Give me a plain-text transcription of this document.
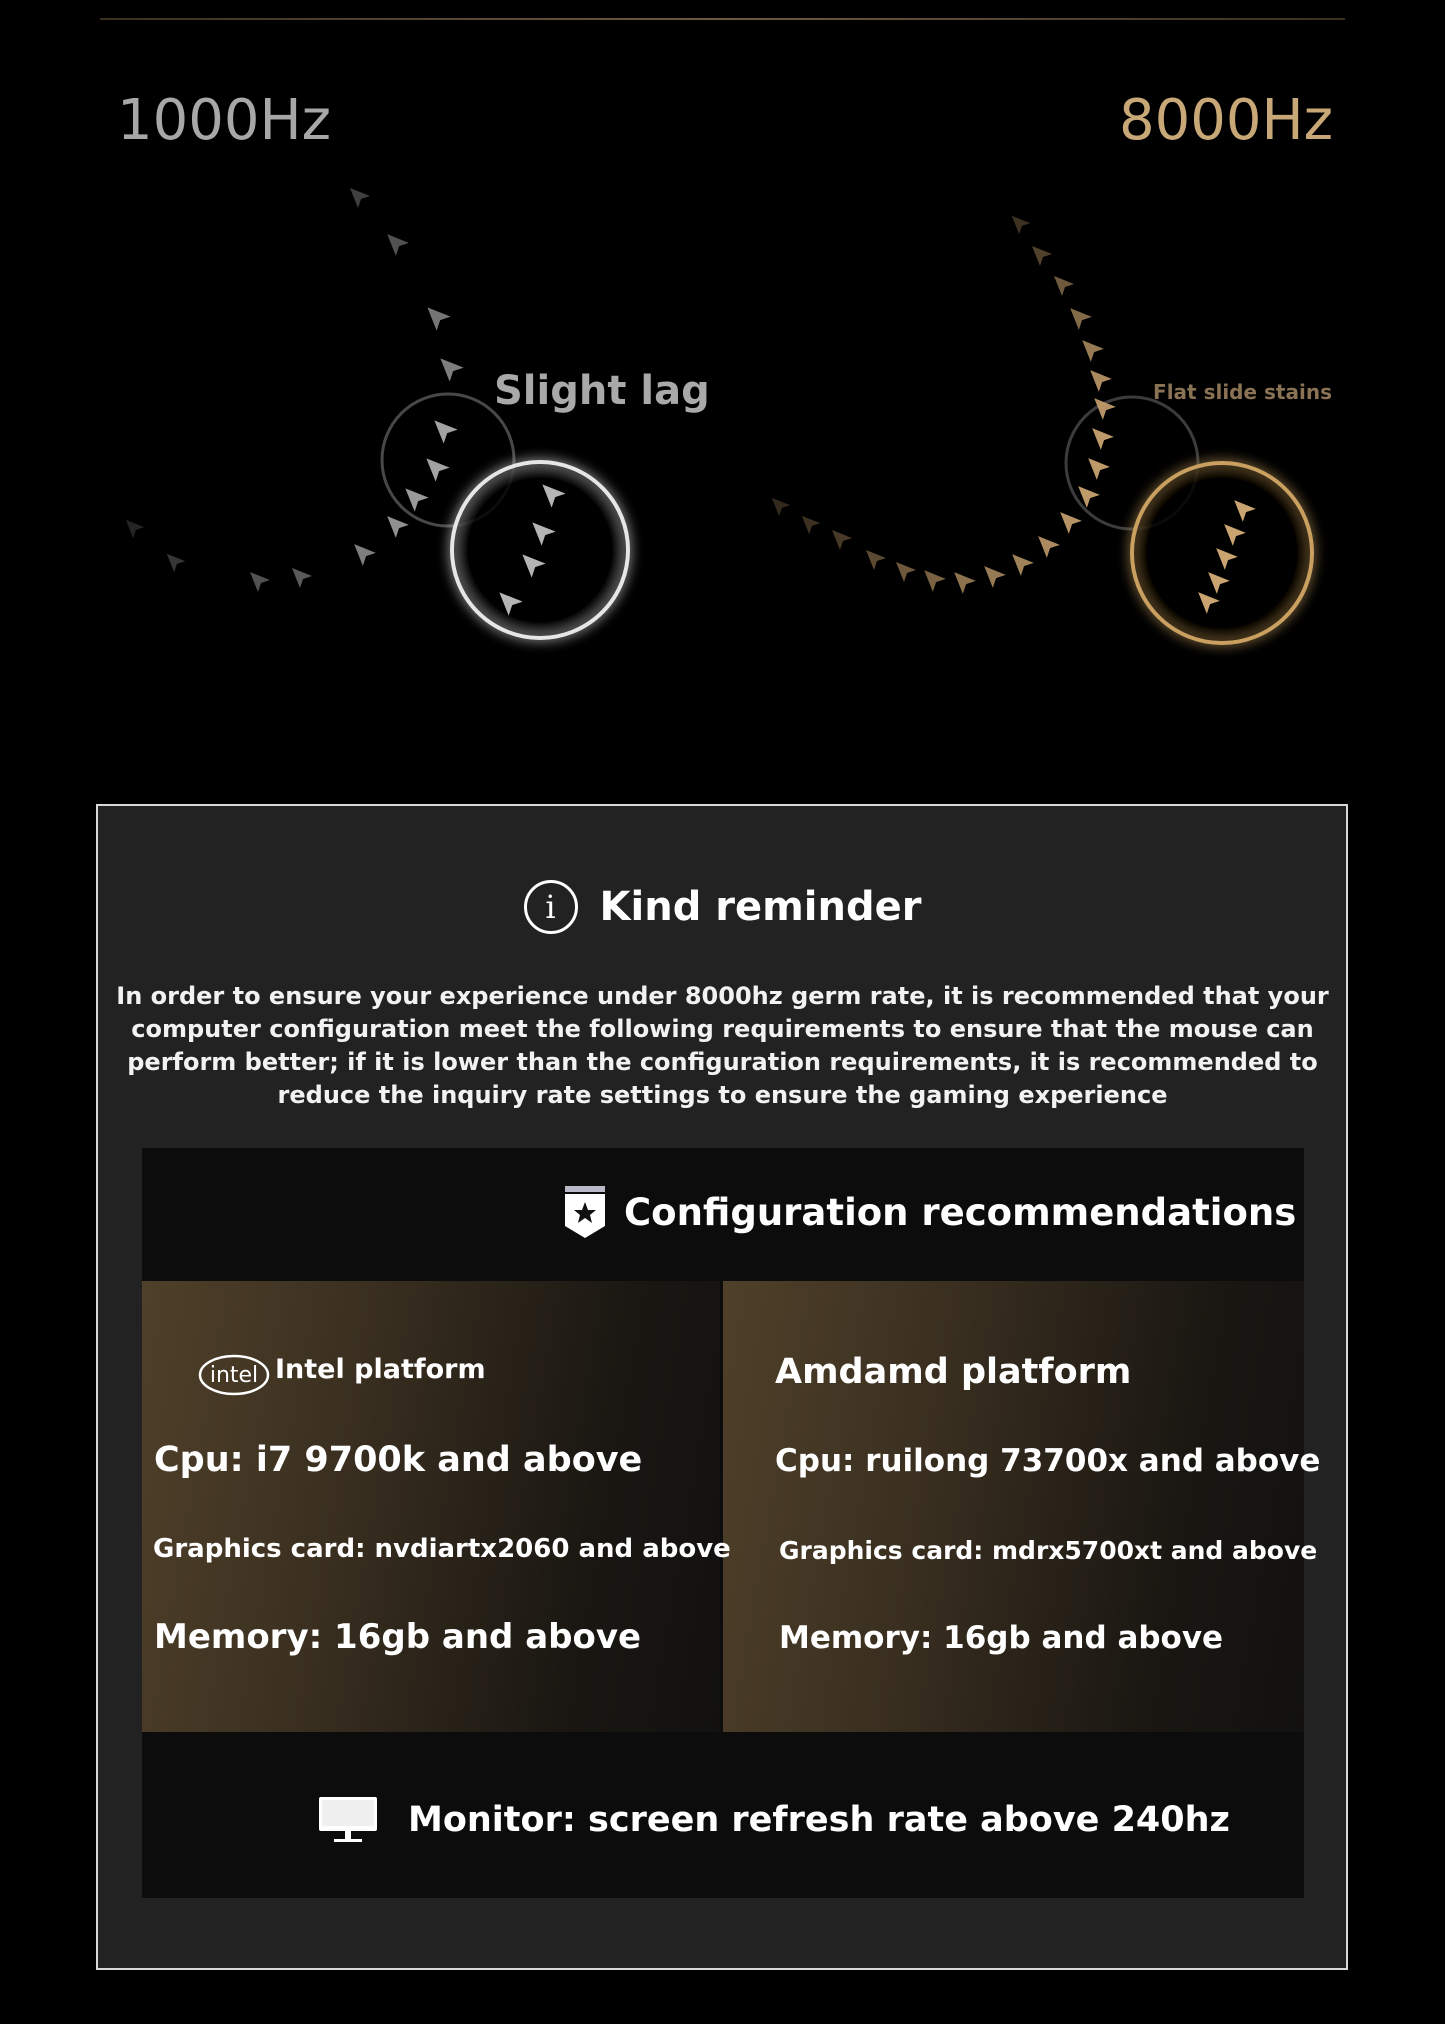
1000Hz	8000Hz
Slight lag	Flat slide stains
i	Kind reminder
In order to ensure your experience under 8000hz germ rate, it is recommended that your computer configuration meet the following requirements to ensure that the mouse can perform better; if it is lower than the configuration requirements, it is recommended to reduce the inquiry rate settings to ensure the gaming experience
Configuration recommendations
intel Intel platform
Cpu: i7 9700k and above
Graphics card: nvdiartx2060 and above
Memory: 16gb and above
Amdamd platform
Cpu: ruilong 73700x and above
Graphics card: mdrx5700xt and above
Memory: 16gb and above
Monitor: screen refresh rate above 240hz
